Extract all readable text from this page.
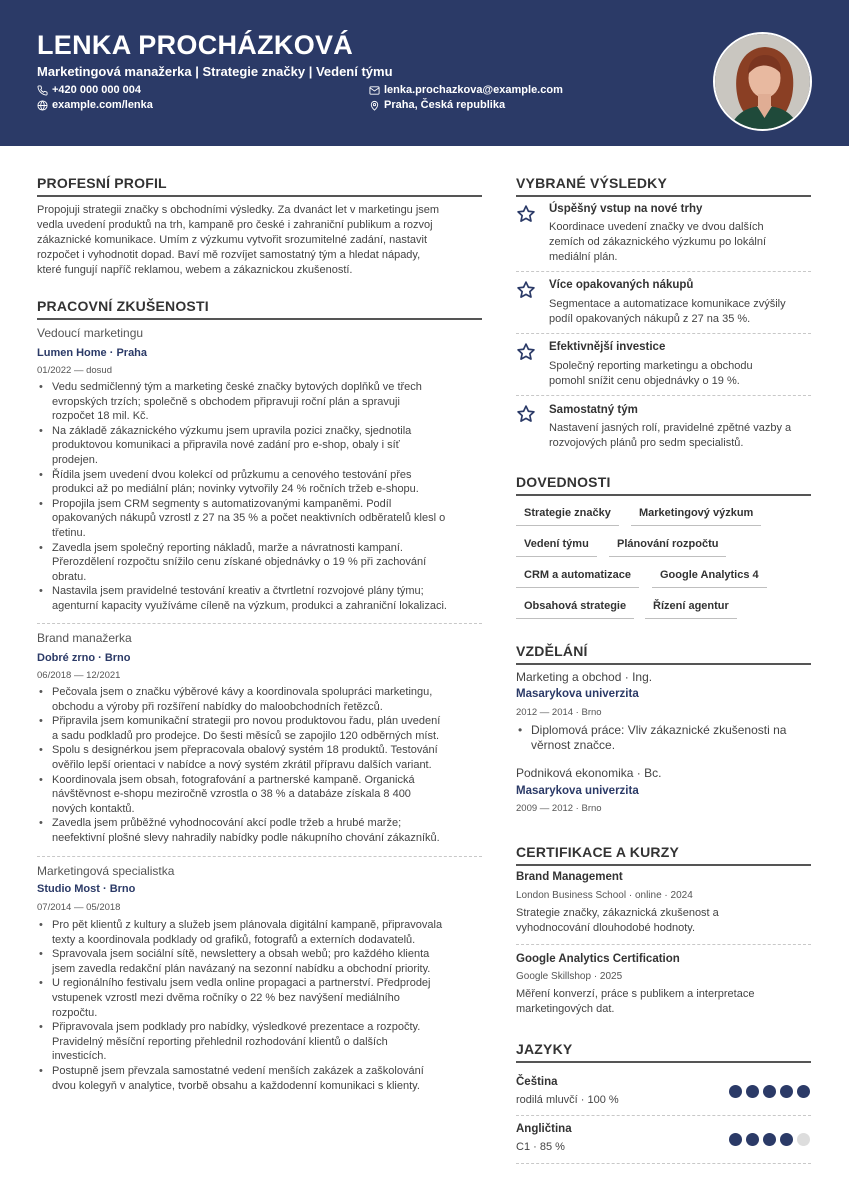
LENKA PROCHÁZKOVÁ
Marketingová manažerka | Strategie značky | Vedení týmu
+420 000 000 004
example.com/lenka
lenka.prochazkova@example.com
Praha, Česká republika
PROFESNÍ PROFIL
Propojuji strategii značky s obchodními výsledky. Za dvanáct let v marketingu jsem
vedla uvedení produktů na trh, kampaně pro české i zahraniční publikum a rozvoj
zákaznické komunikace. Umím z výzkumu vytvořit srozumitelné zadání, nastavit
rozpočet i vyhodnotit dopad. Baví mě rozvíjet samostatný tým a hledat nápady,
které fungují napříč reklamou, webem a zákaznickou zkušeností.
PRACOVNÍ ZKUŠENOSTI
Vedoucí marketingu
Lumen Home · Praha
01/2022 — dosud
• Vedu sedmičlenný tým a marketing české značky bytových doplňků ve třech
evropských trzích; společně s obchodem připravuji roční plán a spravuji
rozpočet 18 mil. Kč.
• Na základě zákaznického výzkumu jsem upravila pozici značky, sjednotila
produktovou komunikaci a připravila nové zadání pro e-shop, obaly i síť
prodejen.
• Řídila jsem uvedení dvou kolekcí od průzkumu a cenového testování přes
produkci až po mediální plán; novinky vytvořily 24 % ročních tržeb e-shopu.
• Propojila jsem CRM segmenty s automatizovanými kampaněmi. Podíl
opakovaných nákupů vzrostl z 27 na 35 % a počet neaktivních odběratelů klesl o
třetinu.
• Zavedla jsem společný reporting nákladů, marže a návratnosti kampaní.
Přerozdělení rozpočtu snížilo cenu získané objednávky o 19 % při zachování
obratu.
• Nastavila jsem pravidelné testování kreativ a čtvrtletní rozvojové plány týmu;
agenturní kapacity využíváme cíleně na výzkum, produkci a zahraniční lokalizaci.
Brand manažerka
Dobré zrno · Brno
06/2018 — 12/2021
• Pečovala jsem o značku výběrové kávy a koordinovala spolupráci marketingu,
obchodu a výroby při rozšíření nabídky do maloobchodních řetězců.
• Připravila jsem komunikační strategii pro novou produktovou řadu, plán uvedení
a sadu podkladů pro prodejce. Do šesti měsíců se zapojilo 120 odběrných míst.
• Spolu s designérkou jsem přepracovala obalový systém 18 produktů. Testování
ověřilo lepší orientaci v nabídce a nový systém zkrátil přípravu dalších variant.
• Koordinovala jsem obsah, fotografování a partnerské kampaně. Organická
návštěvnost e-shopu meziročně vzrostla o 38 % a databáze získala 8 400
nových kontaktů.
• Zavedla jsem průběžné vyhodnocování akcí podle tržeb a hrubé marže;
neefektivní plošné slevy nahradily nabídky podle nákupního chování zákazníků.
Marketingová specialistka
Studio Most · Brno
07/2014 — 05/2018
• Pro pět klientů z kultury a služeb jsem plánovala digitální kampaně, připravovala
texty a koordinovala podklady od grafiků, fotografů a externích dodavatelů.
• Spravovala jsem sociální sítě, newslettery a obsah webů; pro každého klienta
jsem zavedla redakční plán navázaný na sezonní nabídku a obchodní priority.
• U regionálního festivalu jsem vedla online propagaci a partnerství. Předprodej
vstupenek vzrostl mezi dvěma ročníky o 22 % bez navýšení mediálního
rozpočtu.
• Připravovala jsem podklady pro nabídky, výsledkové prezentace a rozpočty.
Pravidelný měsíční reporting přehlednil rozhodování klientů o dalších
investicích.
• Postupně jsem převzala samostatné vedení menších zakázek a zaškolování
dvou kolegyň v analytice, tvorbě obsahu a každodenní komunikaci s klienty.
VYBRANÉ VÝSLEDKY
Úspěšný vstup na nové trhy
Koordinace uvedení značky ve dvou dalších
zemích od zákaznického výzkumu po lokální
mediální plán.
Více opakovaných nákupů
Segmentace a automatizace komunikace zvýšily
podíl opakovaných nákupů z 27 na 35 %.
Efektivnější investice
Společný reporting marketingu a obchodu
pomohl snížit cenu objednávky o 19 %.
Samostatný tým
Nastavení jasných rolí, pravidelné zpětné vazby a
rozvojových plánů pro sedm specialistů.
DOVEDNOSTI
Strategie značky	Marketingový výzkum
Vedení týmu	Plánování rozpočtu
CRM a automatizace	Google Analytics 4
Obsahová strategie	Řízení agentur
VZDĚLÁNÍ
Marketing a obchod · Ing.
Masarykova univerzita
2012 — 2014 · Brno
• Diplomová práce: Vliv zákaznické zkušenosti na
věrnost značce.
Podniková ekonomika · Bc.
Masarykova univerzita
2009 — 2012 · Brno
CERTIFIKACE A KURZY
Brand Management
London Business School · online · 2024
Strategie značky, zákaznická zkušenost a
vyhodnocování dlouhodobé hodnoty.
Google Analytics Certification
Google Skillshop · 2025
Měření konverzí, práce s publikem a interpretace
marketingových dat.
JAZYKY
Čeština
rodilá mluvčí · 100 %
Angličtina
C1 · 85 %
